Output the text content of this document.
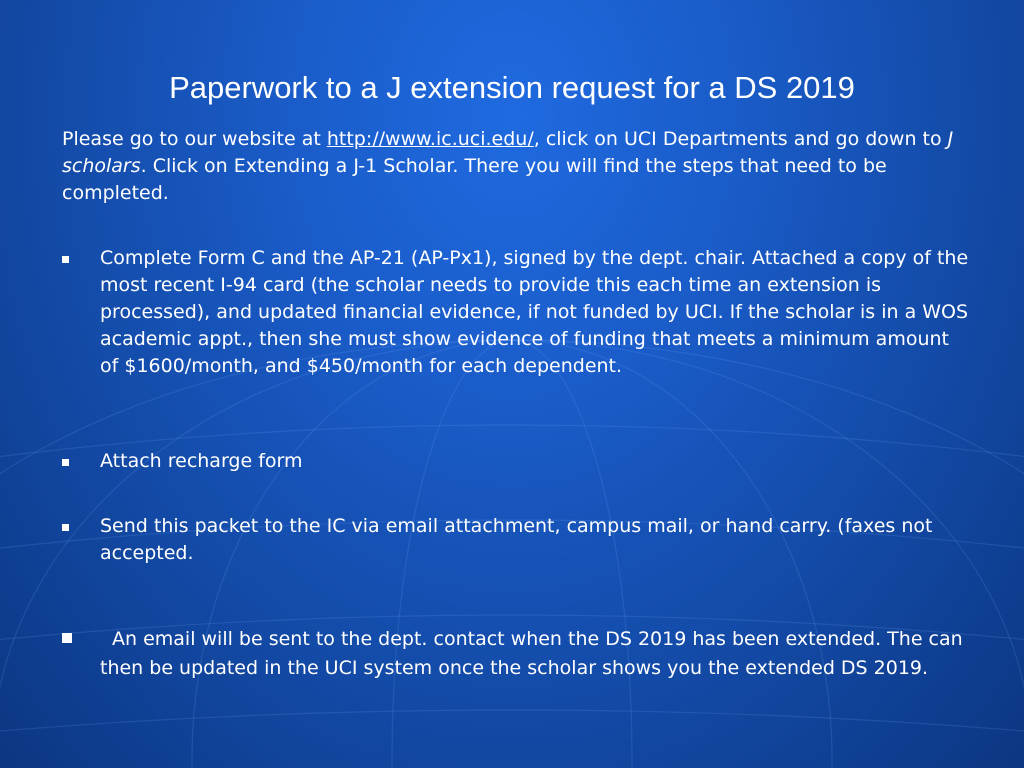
Paperwork to a J extension request for a DS 2019
Please go to our website at http://www.ic.uci.edu/, click on UCI Departments and go down to J scholars. Click on Extending a J-1 Scholar. There you will find the steps that need to be completed.
Complete Form C and the AP-21 (AP-Px1), signed by the dept. chair. Attached a copy of the most recent I-94 card (the scholar needs to provide this each time an extension is processed), and updated financial evidence, if not funded by UCI. If the scholar is in a WOS academic appt., then she must show evidence of funding that meets a minimum amount of $1600/month, and $450/month for each dependent.
Attach recharge form
Send this packet to the IC via email attachment, campus mail, or hand carry. (faxes not accepted.
An email will be sent to the dept. contact when the DS 2019 has been extended. The can then be updated in the UCI system once the scholar shows you the extended DS 2019.
